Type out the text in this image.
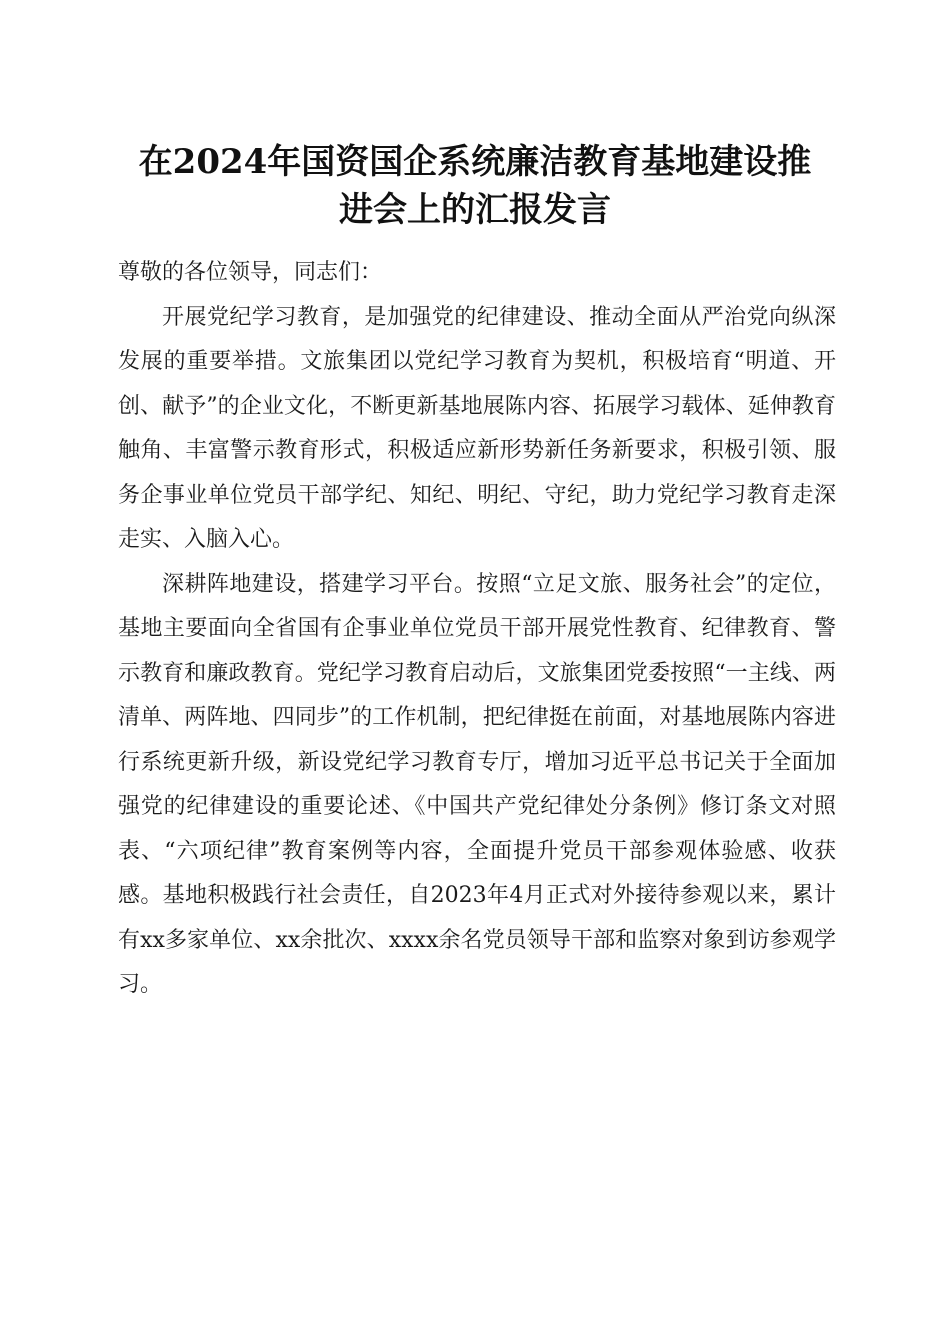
在2024年国资国企系统廉洁教育基地建设推
进会上的汇报发言

尊敬的各位领导，同志们：

开展党纪学习教育，是加强党的纪律建设、推动全面从严治党向纵深发展的重要举措。文旅集团以党纪学习教育为契机，积极培育“明道、开创、献予”的企业文化，不断更新基地展陈内容、拓展学习载体、延伸教育触角、丰富警示教育形式，积极适应新形势新任务新要求，积极引领、服务企事业单位党员干部学纪、知纪、明纪、守纪，助力党纪学习教育走深走实、入脑入心。

深耕阵地建设，搭建学习平台。按照“立足文旅、服务社会”的定位，基地主要面向全省国有企事业单位党员干部开展党性教育、纪律教育、警示教育和廉政教育。党纪学习教育启动后，文旅集团党委按照“一主线、两清单、两阵地、四同步”的工作机制，把纪律挺在前面，对基地展陈内容进行系统更新升级，新设党纪学习教育专厅，增加习近平总书记关于全面加强党的纪律建设的重要论述、《中国共产党纪律处分条例》修订条文对照表、“六项纪律”教育案例等内容，全面提升党员干部参观体验感、收获感。基地积极践行社会责任，自2023年4月正式对外接待参观以来，累计有xx多家单位、xx余批次、xxxx余名党员领导干部和监察对象到访参观学习。
